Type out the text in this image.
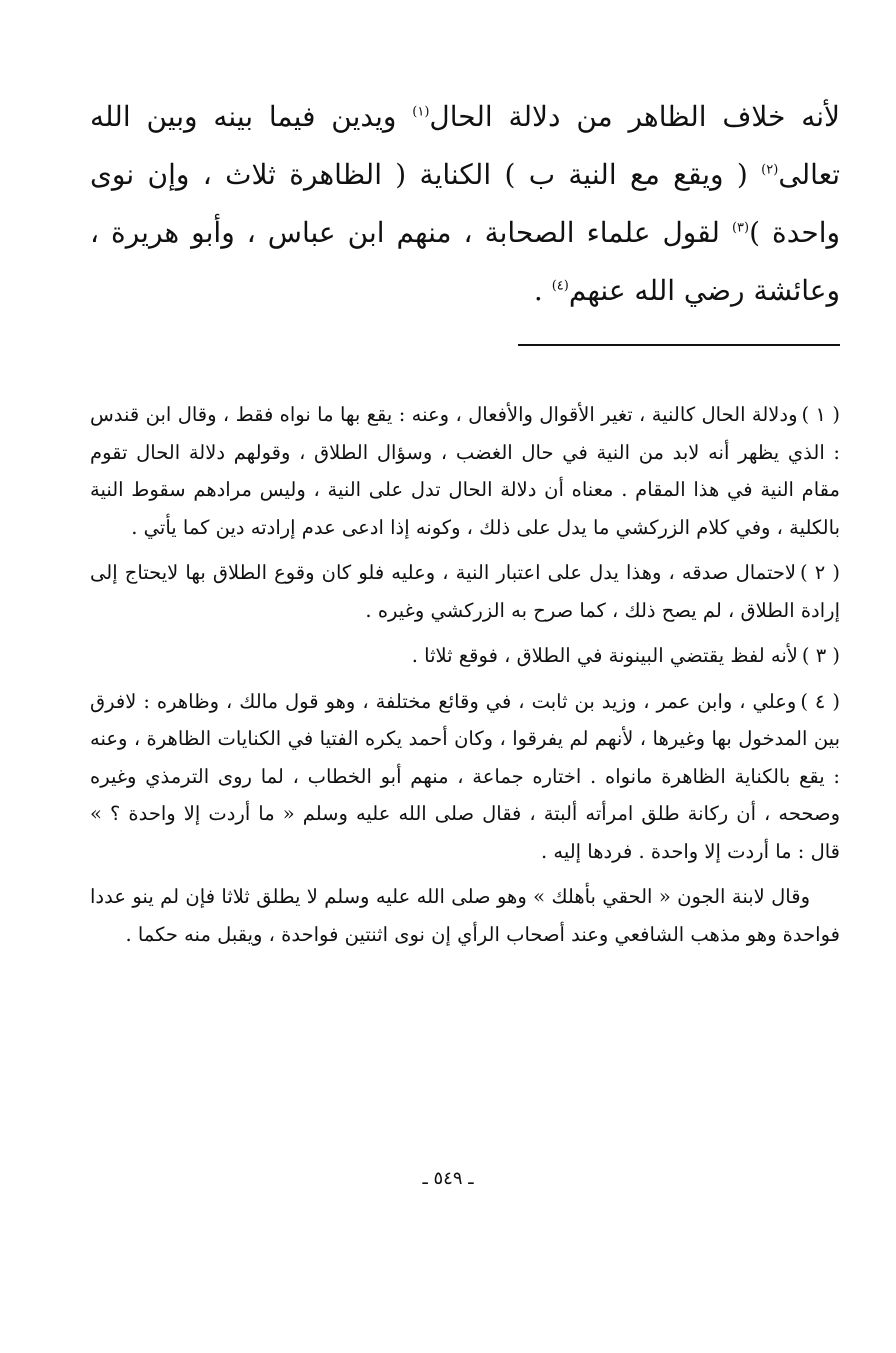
لأنه خلاف الظاهر من دلالة الحال$^{(١)}$ ويدين فيما بينه وبين الله تعالى$^{(٢)}$ ( ويقع مع النية ب ) الكناية ( الظاهرة ثلاث ، وإن نوى واحدة )$^{(٣)}$ لقول علماء الصحابة ، منهم ابن عباس ، وأبو هريرة ، وعائشة رضي الله عنهم$^{(٤)}$ .

( ١ )ودلالة الحال كالنية ، تغير الأقوال والأفعال ، وعنه : يقع بها ما نواه فقط ، وقال ابن قندس : الذي يظهر أنه لابد من النية في حال الغضب ، وسؤال الطلاق ، وقولهم دلالة الحال تقوم مقام النية في هذا المقام . معناه أن دلالة الحال تدل على النية ، وليس مرادهم سقوط النية بالكلية ، وفي كلام الزركشي ما يدل على ذلك ، وكونه إذا ادعى عدم إرادته دين كما يأتي .

( ٢ )لاحتمال صدقه ، وهذا يدل على اعتبار النية ، وعليه فلو كان وقوع الطلاق بها لايحتاج إلى إرادة الطلاق ، لم يصح ذلك ، كما صرح به الزركشي وغيره .

( ٣ )لأنه لفظ يقتضي البينونة في الطلاق ، فوقع ثلاثا .

( ٤ )وعلي ، وابن عمر ، وزيد بن ثابت ، في وقائع مختلفة ، وهو قول مالك ، وظاهره : لافرق بين المدخول بها وغيرها ، لأنهم لم يفرقوا ، وكان أحمد يكره الفتيا في الكنايات الظاهرة ، وعنه : يقع بالكناية الظاهرة مانواه . اختاره جماعة ، منهم أبو الخطاب ، لما روى الترمذي وغيره وصححه ، أن ركانة طلق امرأته ألبتة ، فقال صلى الله عليه وسلم « ما أردت إلا واحدة ؟ » قال : ما أردت إلا واحدة . فردها إليه .

وقال لابنة الجون « الحقي بأهلك » وهو صلى الله عليه وسلم لا يطلق ثلاثا فإن لم ينو عددا فواحدة وهو مذهب الشافعي وعند أصحاب الرأي إن نوى اثنتين فواحدة ، ويقبل منه حكما .

ـ ٥٤٩ ـ
